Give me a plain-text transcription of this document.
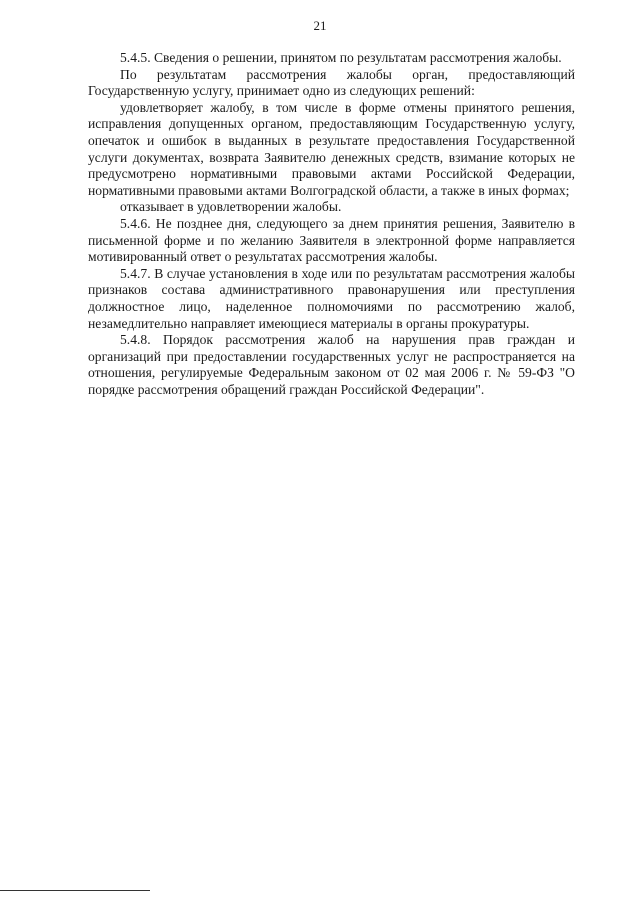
21

5.4.5. Сведения о решении, принятом по результатам рассмотрения жалобы.

По результатам рассмотрения жалобы орган, предоставляющий Государственную услугу, принимает одно из следующих решений:

удовлетворяет жалобу, в том числе в форме отмены принятого решения, исправления допущенных органом, предоставляющим Государственную услугу, опечаток и ошибок в выданных в результате предоставления Государственной услуги документах, возврата Заявителю денежных средств, взимание которых не предусмотрено нормативными правовыми актами Российской Федерации, нормативными правовыми актами Волгоградской области, а также в иных формах;

отказывает в удовлетворении жалобы.

5.4.6. Не позднее дня, следующего за днем принятия решения, Заявителю в письменной форме и по желанию Заявителя в электронной форме направляется мотивированный ответ о результатах рассмотрения жалобы.

5.4.7. В случае установления в ходе или по результатам рассмотрения жалобы признаков состава административного правонарушения или преступления должностное лицо, наделенное полномочиями по рассмотрению жалоб, незамедлительно направляет имеющиеся материалы в органы прокуратуры.

5.4.8. Порядок рассмотрения жалоб на нарушения прав граждан и организаций при предоставлении государственных услуг не распространяется на отношения, регулируемые Федеральным законом от 02 мая 2006 г. № 59-ФЗ "О порядке рассмотрения обращений граждан Российской Федерации".
